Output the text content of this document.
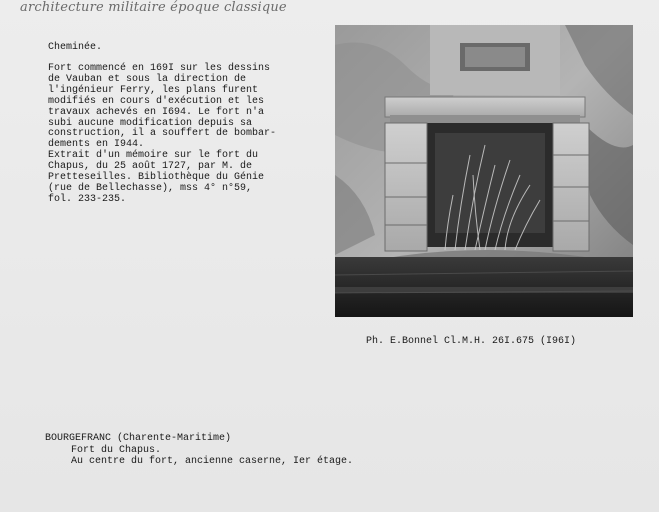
architecture militaire époque classique
Cheminée.

Fort commencé en 169I sur les dessins
de Vauban et sous la direction de
l'ingénieur Ferry, les plans furent
modifiés en cours d'exécution et les
travaux achevés en I694. Le fort n'a
subi aucune modification depuis sa
construction, il a souffert de bombar-
dements en I944.
Extrait d'un mémoire sur le fort du
Chapus, du 25 août 1727, par M. de
Pretteseilles. Bibliothèque du Génie
(rue de Bellechasse), mss 4° n°59,
fol. 233-235.

Ph. E.Bonnel Cl.M.H. 26I.675 (I96I)
BOURGEFRANC (Charente-Maritime)
Fort du Chapus.
Au centre du fort, ancienne caserne, Ier étage.
